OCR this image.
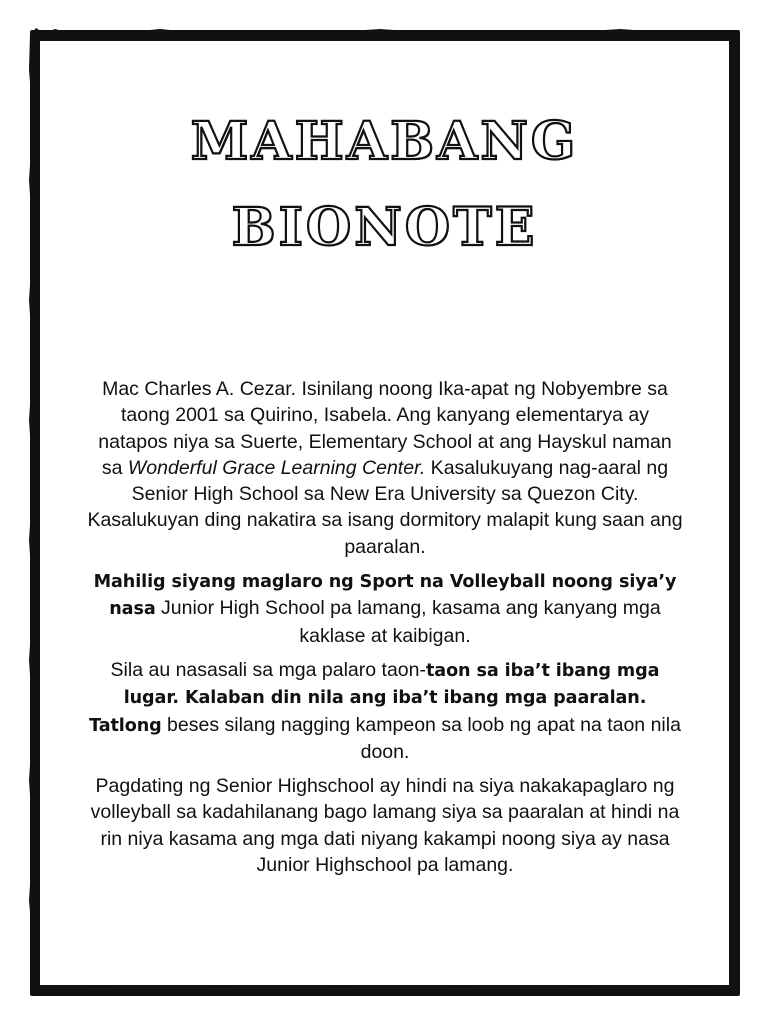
MAHABANG
BIONOTE

Mac Charles A. Cezar. Isinilang noong Ika-apat ng Nobyembre sa taong 2001 sa Quirino, Isabela. Ang kanyang elementarya ay natapos niya sa Suerte, Elementary School at ang Hayskul naman sa Wonderful Grace Learning Center. Kasalukuyang nag-aaral ng Senior High School sa New Era University sa Quezon City. Kasalukuyan ding nakatira sa isang dormitory malapit kung saan ang paaralan.

Mahilig siyang maglaro ng Sport na Volleyball noong siya’y nasa Junior High School pa lamang, kasama ang kanyang mga kaklase at kaibigan.

Sila au nasasali sa mga palaro taon-taon sa iba’t ibang mga lugar. Kalaban din nila ang iba’t ibang mga paaralan. Tatlong beses silang nagging kampeon sa loob ng apat na taon nila doon.

Pagdating ng Senior Highschool ay hindi na siya nakakapaglaro ng volleyball sa kadahilanang bago lamang siya sa paaralan at hindi na rin niya kasama ang mga dati niyang kakampi noong siya ay nasa Junior Highschool pa lamang.
